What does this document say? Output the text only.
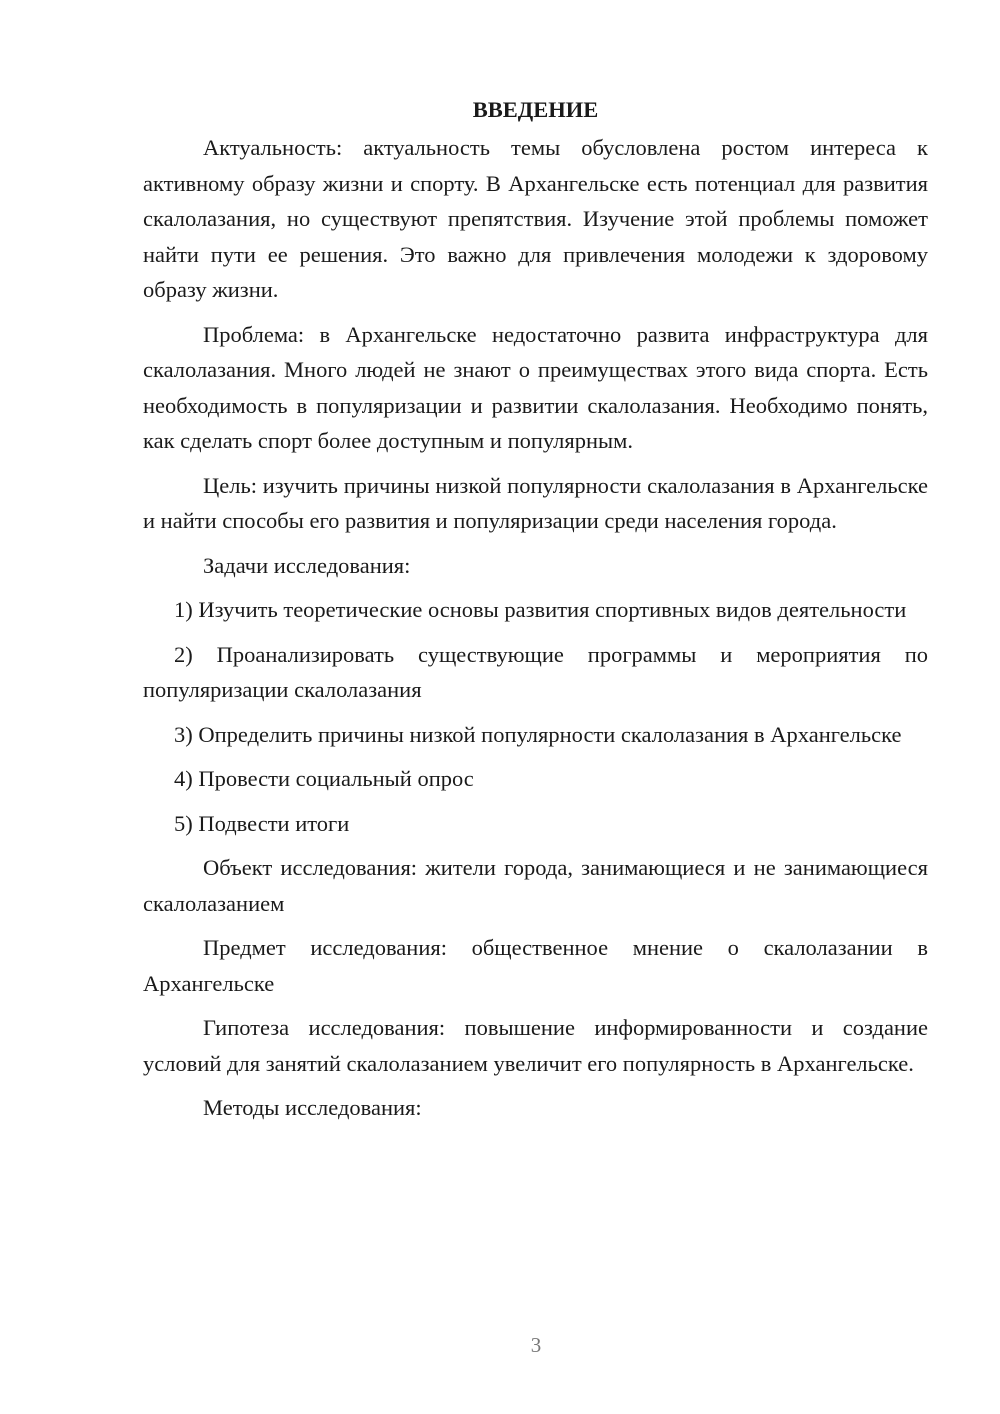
ВВЕДЕНИЕ

Актуальность: актуальность темы обусловлена ростом интереса к активному образу жизни и спорту. В Архангельске есть потенциал для развития скалолазания, но существуют препятствия. Изучение этой проблемы поможет найти пути ее решения. Это важно для привлечения молодежи к здоровому образу жизни.

Проблема: в Архангельске недостаточно развита инфраструктура для скалолазания. Много людей не знают о преимуществах этого вида спорта. Есть необходимость в популяризации и развитии скалолазания. Необходимо понять, как сделать спорт более доступным и популярным.

Цель: изучить причины низкой популярности скалолазания в Архангельске и найти способы его развития и популяризации среди населения города.

Задачи исследования:

1) Изучить теоретические основы развития спортивных видов деятельности

2) Проанализировать существующие программы и мероприятия по популяризации скалолазания

3) Определить причины низкой популярности скалолазания в Архангельске

4) Провести социальный опрос

5) Подвести итоги

Объект исследования: жители города, занимающиеся и не занимающиеся скалолазанием

Предмет исследования: общественное мнение о скалолазании в Архангельске

Гипотеза исследования: повышение информированности и создание условий для занятий скалолазанием увеличит его популярность в Архангельске.

Методы исследования:

3
